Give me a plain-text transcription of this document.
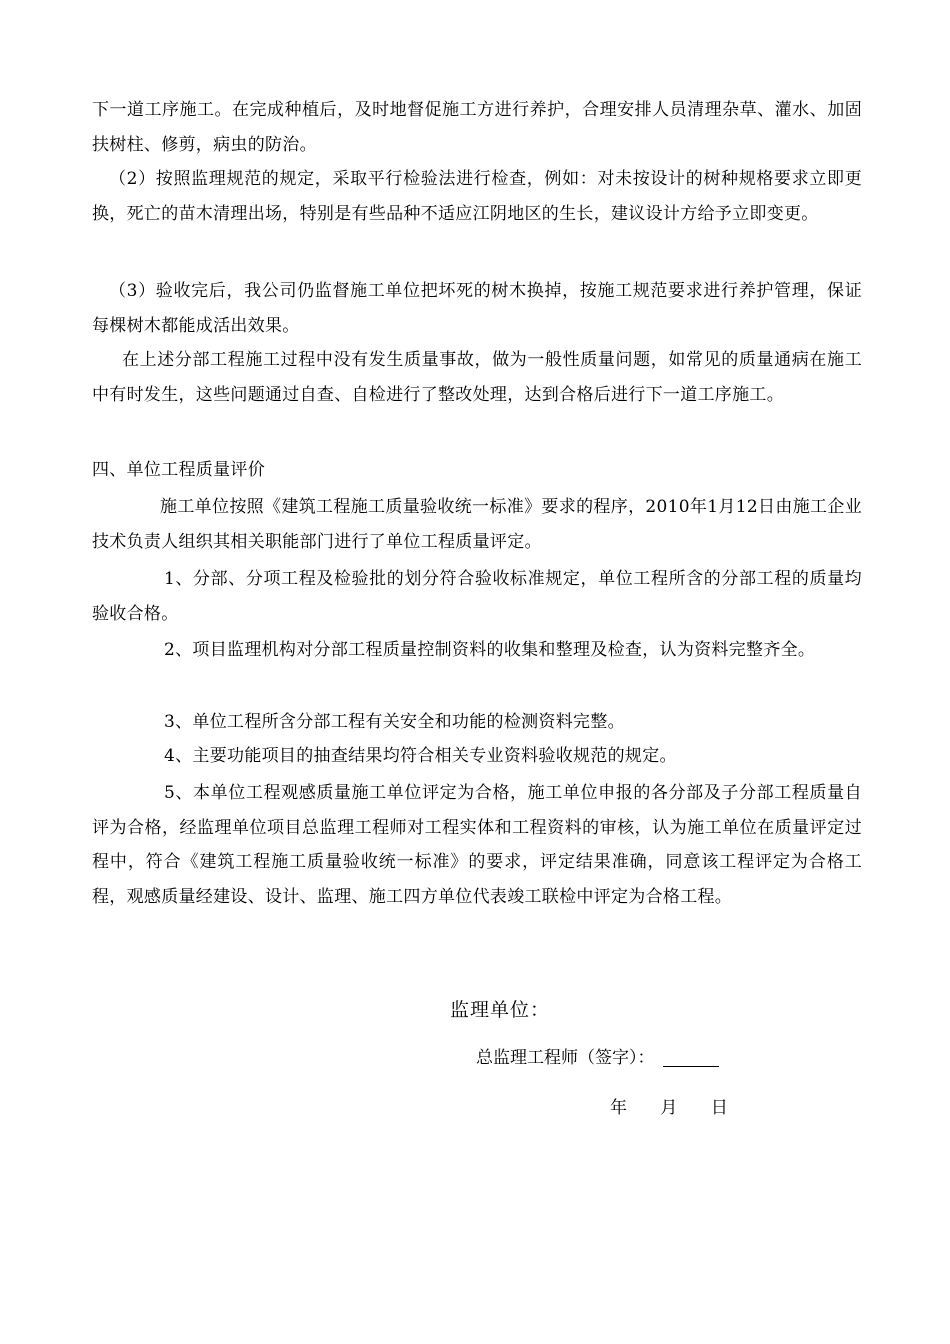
下一道工序施工。在完成种植后，及时地督促施工方进行养护，合理安排人员清理杂草、灌水、加固扶树柱、修剪，病虫的防治。

（2）按照监理规范的规定，采取平行检验法进行检查，例如：对未按设计的树种规格要求立即更换，死亡的苗木清理出场，特别是有些品种不适应江阴地区的生长，建议设计方给予立即变更。

（3）验收完后，我公司仍监督施工单位把坏死的树木换掉，按施工规范要求进行养护管理，保证每棵树木都能成活出效果。

在上述分部工程施工过程中没有发生质量事故，做为一般性质量问题，如常见的质量通病在施工中有时发生，这些问题通过自查、自检进行了整改处理，达到合格后进行下一道工序施工。

四、单位工程质量评价

施工单位按照《建筑工程施工质量验收统一标准》要求的程序，2010年1月12日由施工企业技术负责人组织其相关职能部门进行了单位工程质量评定。

1、分部、分项工程及检验批的划分符合验收标准规定，单位工程所含的分部工程的质量均验收合格。

2、项目监理机构对分部工程质量控制资料的收集和整理及检查，认为资料完整齐全。

3、单位工程所含分部工程有关安全和功能的检测资料完整。

4、主要功能项目的抽查结果均符合相关专业资料验收规范的规定。

5、本单位工程观感质量施工单位评定为合格，施工单位申报的各分部及子分部工程质量自评为合格，经监理单位项目总监理工程师对工程实体和工程资料的审核，认为施工单位在质量评定过程中，符合《建筑工程施工质量验收统一标准》的要求，评定结果准确，同意该工程评定为合格工程，观感质量经建设、设计、监理、施工四方单位代表竣工联检中评定为合格工程。

监理单位：
总监理工程师（签字）：
年 月 日
